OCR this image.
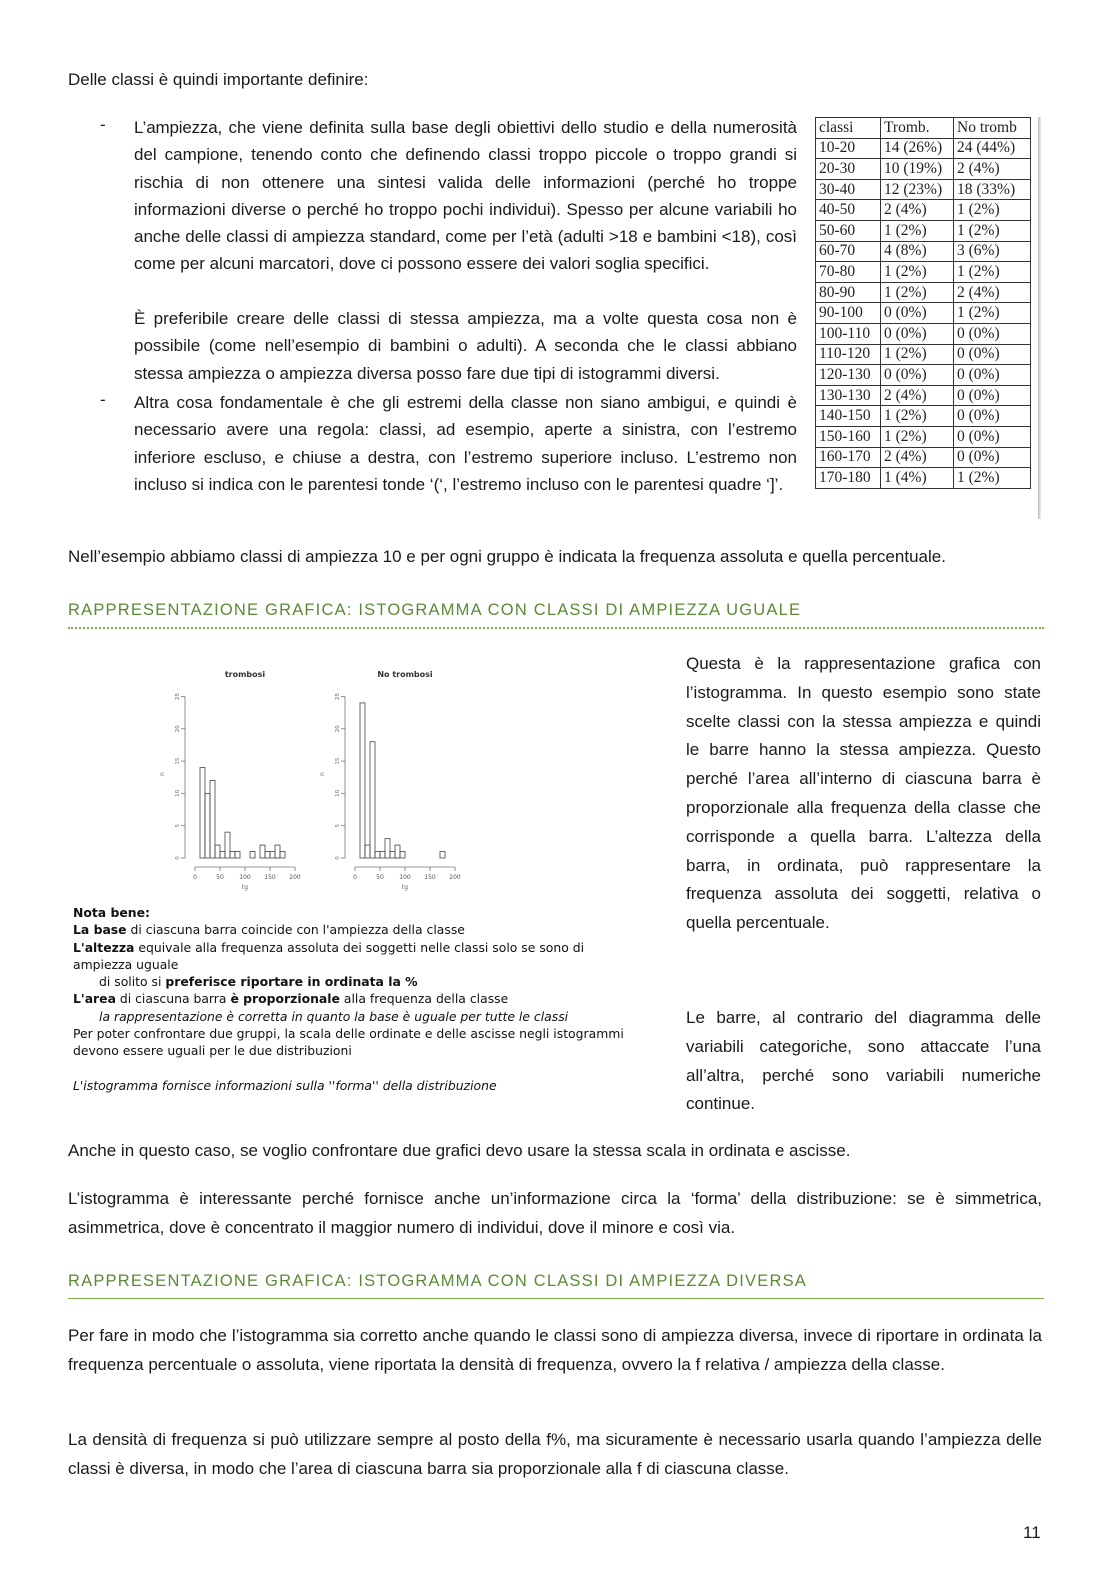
Delle classi è quindi importante definire:

- L’ampiezza, che viene definita sulla base degli obiettivi dello studio e della numerosità del campione, tenendo conto che definendo classi troppo piccole o troppo grandi si rischia di non ottenere una sintesi valida delle informazioni (perché ho troppe informazioni diverse o perché ho troppo pochi individui). Spesso per alcune variabili ho anche delle classi di ampiezza standard, come per l’età (adulti >18 e bambini <18), così come per alcuni marcatori, dove ci possono essere dei valori soglia specifici.

È preferibile creare delle classi di stessa ampiezza, ma a volte questa cosa non è possibile (come nell’esempio di bambini o adulti). A seconda che le classi abbiano stessa ampiezza o ampiezza diversa posso fare due tipi di istogrammi diversi.

- Altra cosa fondamentale è che gli estremi della classe non siano ambigui, e quindi è necessario avere una regola: classi, ad esempio, aperte a sinistra, con l’estremo inferiore escluso, e chiuse a destra, con l’estremo superiore incluso. L’estremo non incluso si indica con le parentesi tonde ‘(‘, l’estremo incluso con le parentesi quadre ‘]’.

classi	Tromb.	No tromb
10-20	14 (26%)	24 (44%)
20-30	10 (19%)	2 (4%)
30-40	12 (23%)	18 (33%)
40-50	2 (4%)	1 (2%)
50-60	1 (2%)	1 (2%)
60-70	4 (8%)	3 (6%)
70-80	1 (2%)	1 (2%)
80-90	1 (2%)	2 (4%)
90-100	0 (0%)	1 (2%)
100-110	0 (0%)	0 (0%)
110-120	1 (2%)	0 (0%)
120-130	0 (0%)	0 (0%)
130-130	2 (4%)	0 (0%)
140-150	1 (2%)	0 (0%)
150-160	1 (2%)	0 (0%)
160-170	2 (4%)	0 (0%)
170-180	1 (4%)	1 (2%)

Nell’esempio abbiamo classi di ampiezza 10 e per ogni gruppo è indicata la frequenza assoluta e quella percentuale.

RAPPRESENTAZIONE GRAFICA: ISTOGRAMMA CON CLASSI DI AMPIEZZA UGUALE
trombosi
0
5
10
15
20
25
n
0	50	100 150 200
tg
No trombosi
0
5
10
15
20
25
n
0	50	100 150 200
tg
Nota bene:
La base di ciascuna barra coincide con l'ampiezza della classe
L'altezza equivale alla frequenza assoluta dei soggetti nelle classi solo se sono di
ampiezza uguale
di solito si preferisce riportare in ordinata la %
L'area di ciascuna barra è proporzionale alla frequenza della classe
la rappresentazione è corretta in quanto la base è uguale per tutte le classi
Per poter confrontare due gruppi, la scala delle ordinate e delle ascisse negli istogrammi
devono essere uguali per le due distribuzioni
L'istogramma fornisce informazioni sulla ''forma'' della distribuzione

Questa è la rappresentazione grafica con l’istogramma. In questo esempio sono state scelte classi con la stessa ampiezza e quindi le barre hanno la stessa ampiezza. Questo perché l’area all’interno di ciascuna barra è proporzionale alla frequenza della classe che corrisponde a quella barra. L’altezza della barra, in ordinata, può rappresentare la frequenza assoluta dei soggetti, relativa o quella percentuale.

Le barre, al contrario del diagramma delle variabili categoriche, sono attaccate l’una all’altra, perché sono variabili numeriche continue.

Anche in questo caso, se voglio confrontare due grafici devo usare la stessa scala in ordinata e ascisse.

L’istogramma è interessante perché fornisce anche un’informazione circa la ‘forma’ della distribuzione: se è simmetrica, asimmetrica, dove è concentrato il maggior numero di individui, dove il minore e così via.

RAPPRESENTAZIONE GRAFICA: ISTOGRAMMA CON CLASSI DI AMPIEZZA DIVERSA

Per fare in modo che l’istogramma sia corretto anche quando le classi sono di ampiezza diversa, invece di riportare in ordinata la frequenza percentuale o assoluta, viene riportata la densità di frequenza, ovvero la f relativa / ampiezza della classe.

La densità di frequenza si può utilizzare sempre al posto della f%, ma sicuramente è necessario usarla quando l’ampiezza delle classi è diversa, in modo che l’area di ciascuna barra sia proporzionale alla f di ciascuna classe.

11
